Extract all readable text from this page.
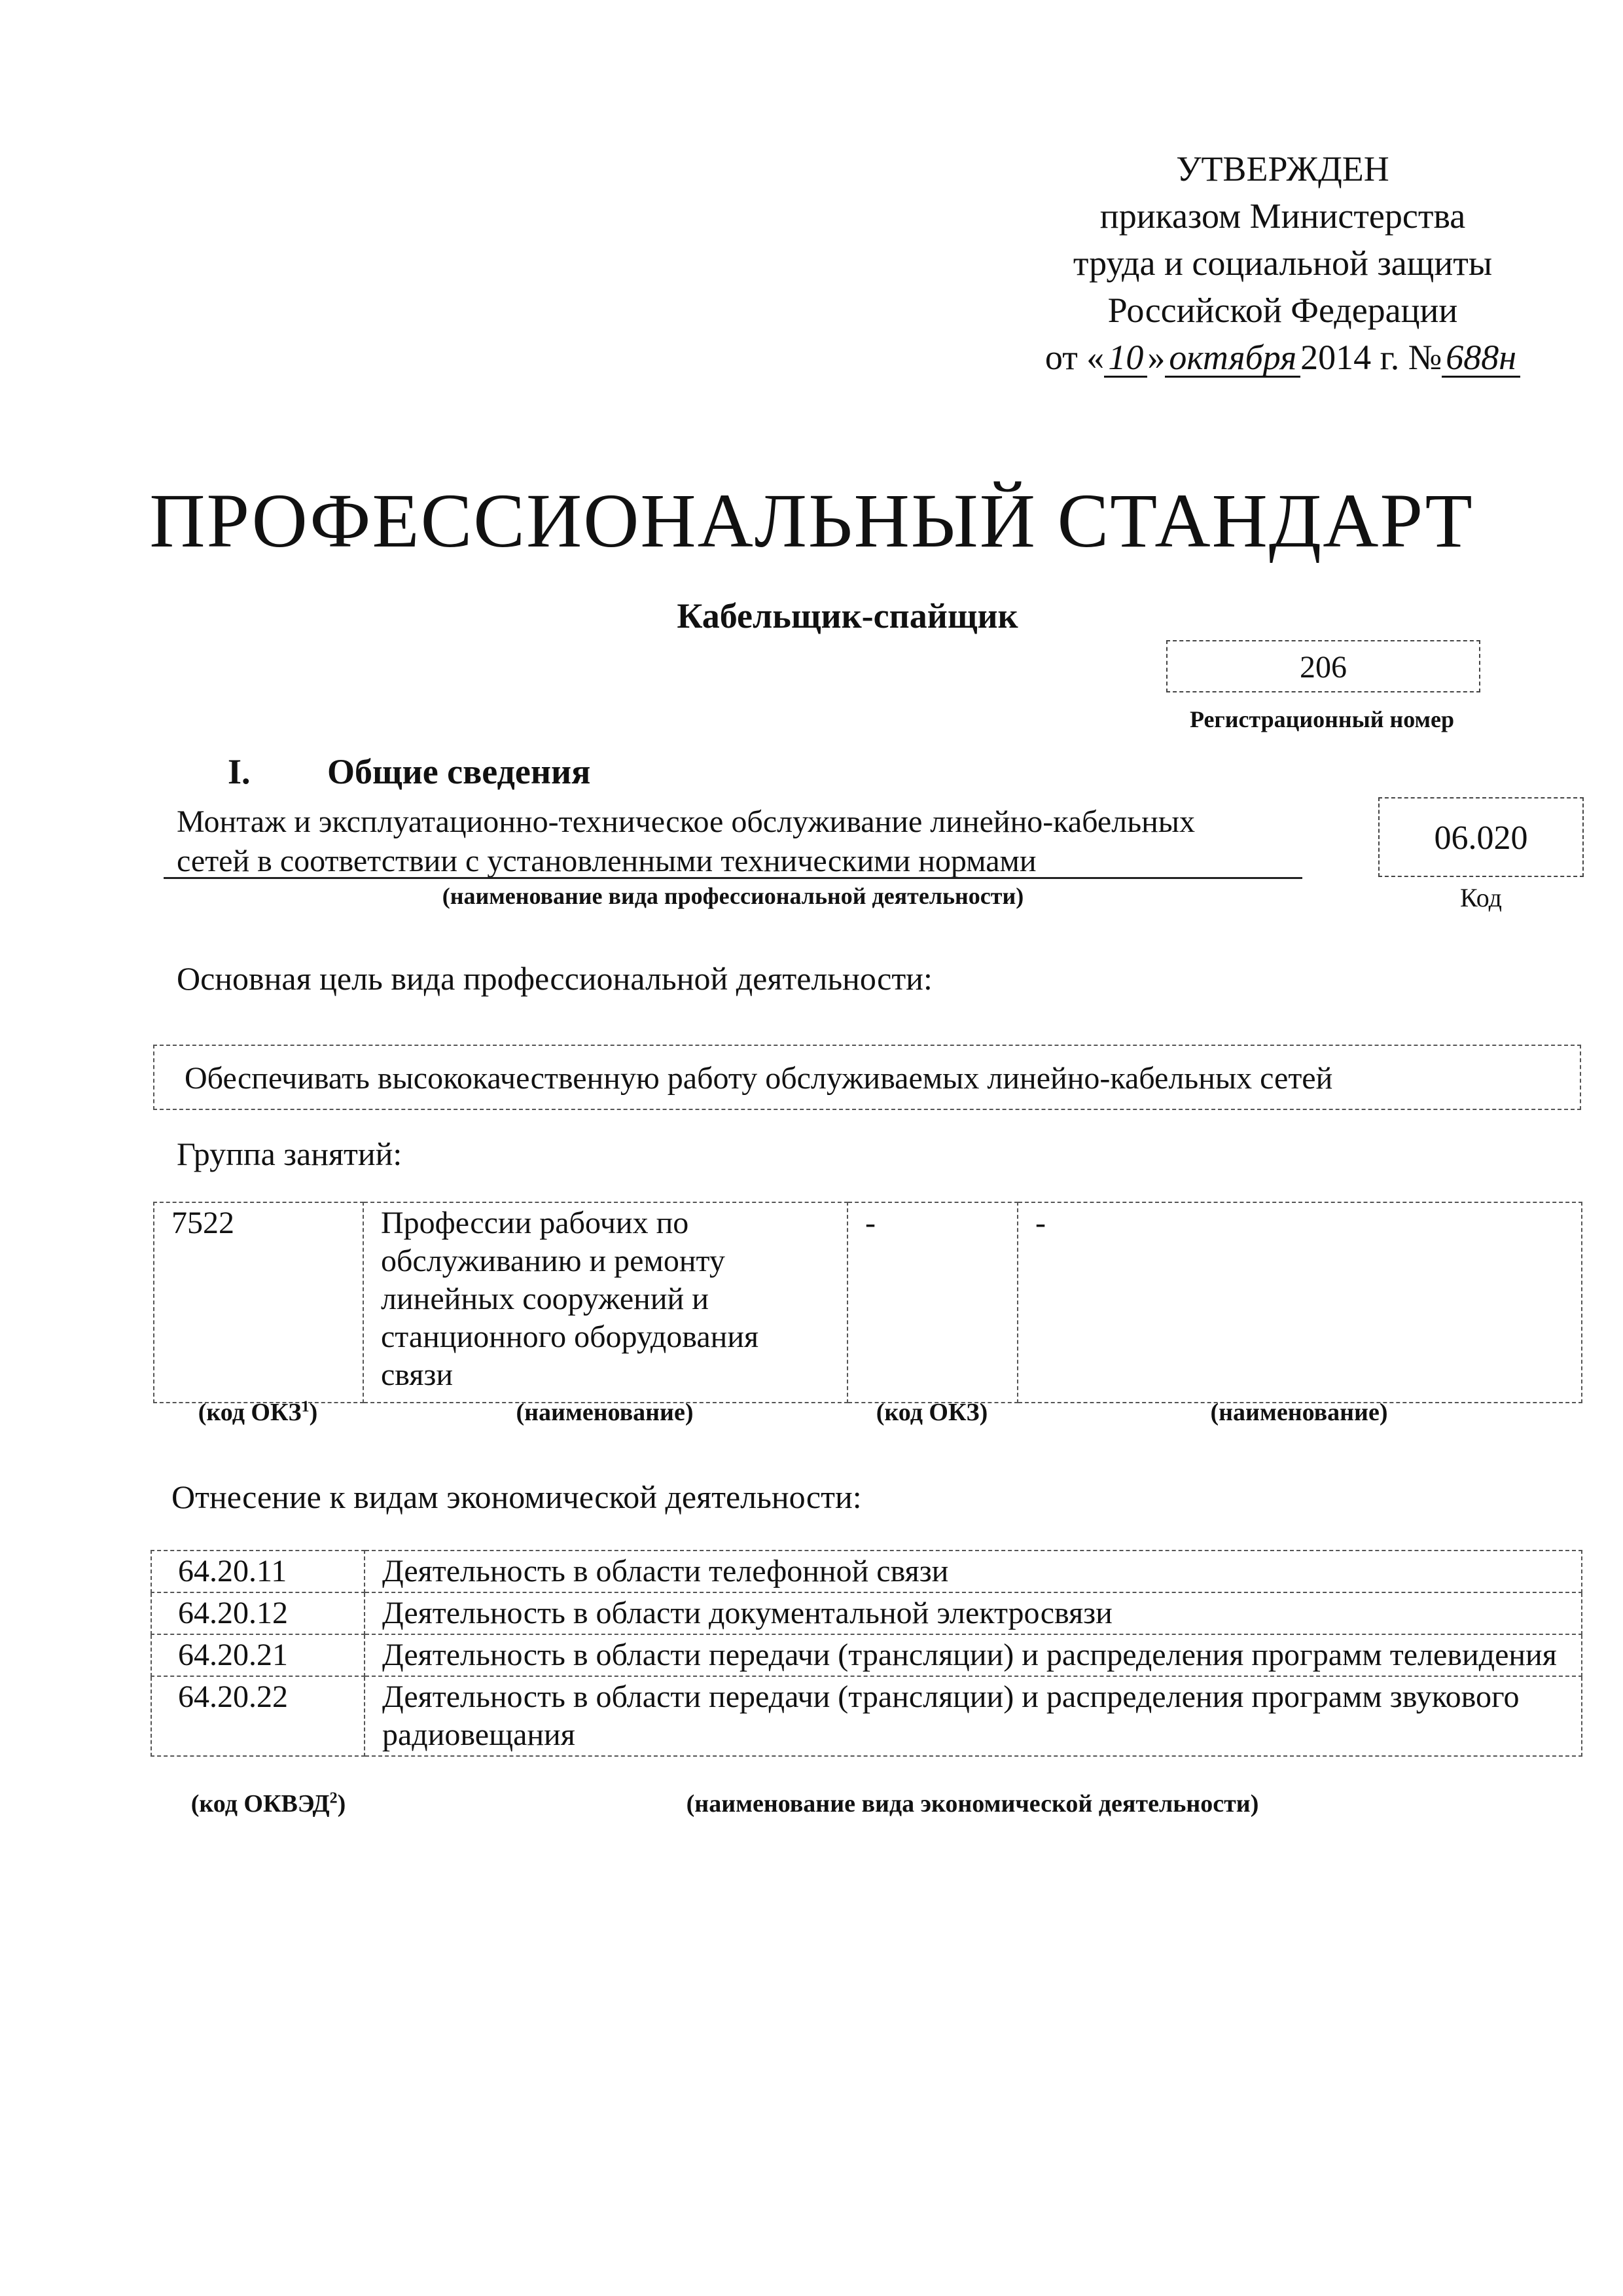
УТВЕРЖДЕН
приказом Министерства
труда и социальной защиты
Российской Федерации
от « 10 » октября 2014 г. № 688н
ПРОФЕССИОНАЛЬНЫЙ СТАНДАРТ
Кабельщик-спайщик
206
Регистрационный номер
I. Общие сведения
Монтаж и эксплуатационно-техническое обслуживание линейно-кабельных
сетей в соответствии с установленными техническими нормами
(наименование вида профессиональной деятельности)
06.020
Код
Основная цель вида профессиональной деятельности:
Обеспечивать высококачественную работу обслуживаемых линейно-кабельных сетей
Группа занятий:
7522	Профессии рабочих по обслуживанию и ремонту линейных сооружений и станционного оборудования связи	-	-
(код ОКЗ$^1$)	(наименование)	(код ОКЗ)	(наименование)
Отнесение к видам экономической деятельности:
64.20.11	Деятельность в области телефонной связи
64.20.12	Деятельность в области документальной электросвязи
64.20.21	Деятельность в области передачи (трансляции) и распределения программ телевидения
64.20.22	Деятельность в области передачи (трансляции) и распределения программ звукового радиовещания
(код ОКВЭД$^2$)	(наименование вида экономической деятельности)
